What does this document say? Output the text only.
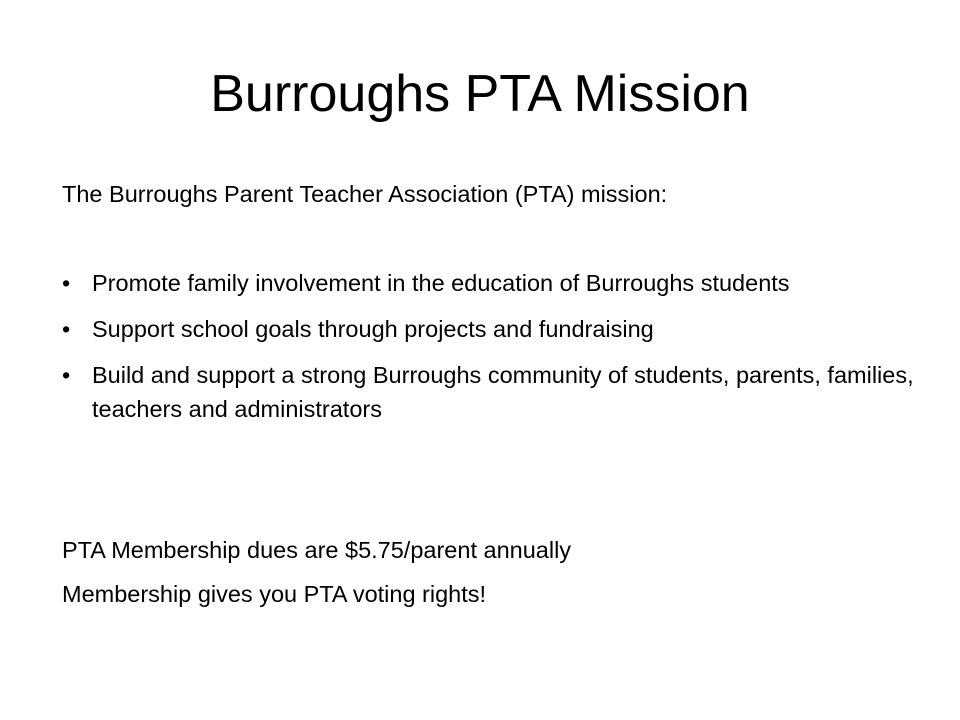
Burroughs PTA Mission

The Burroughs Parent Teacher Association (PTA) mission:

• Promote family involvement in the education of Burroughs students
• Support school goals through projects and fundraising
• Build and support a strong Burroughs community of students, parents, families, teachers and administrators

PTA Membership dues are $5.75/parent annually

Membership gives you PTA voting rights!
